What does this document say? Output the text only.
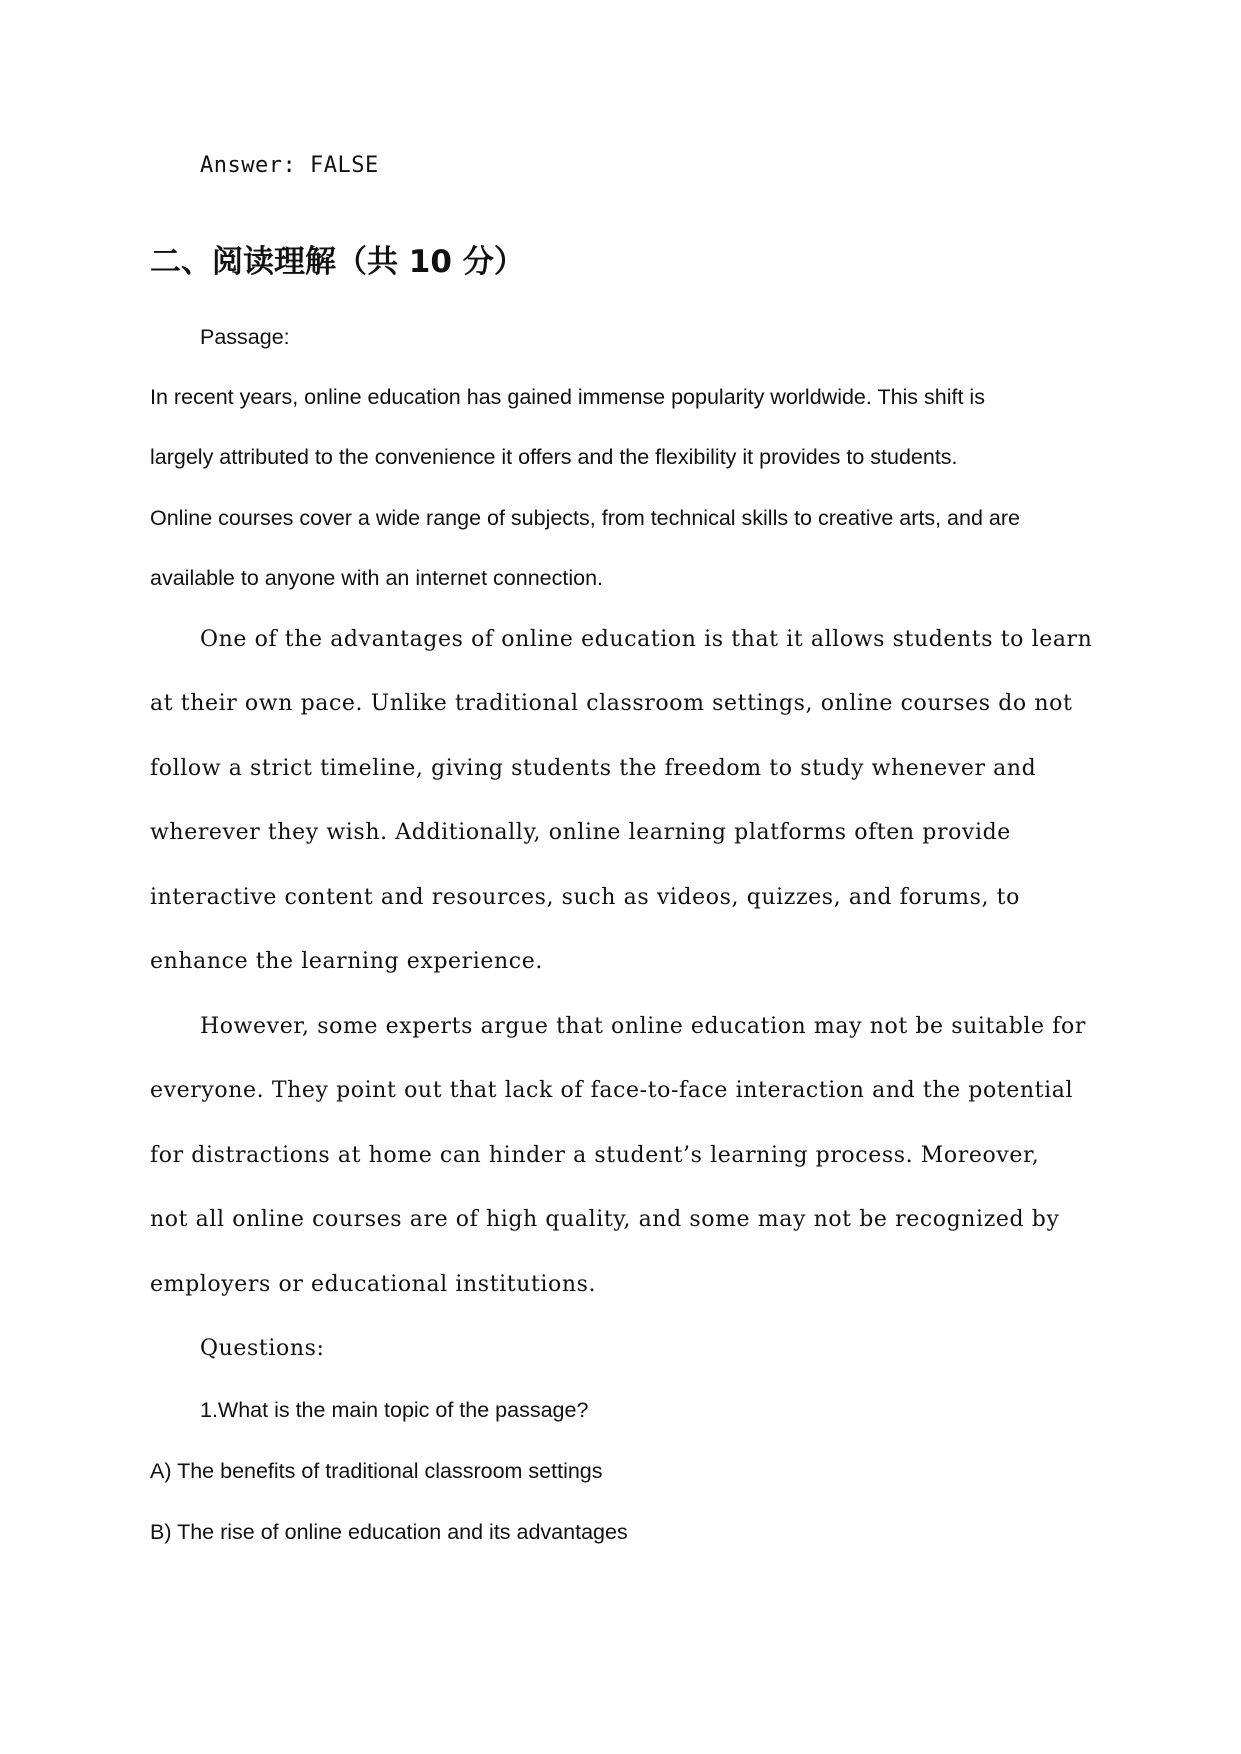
Answer: FALSE
二、阅读理解（共 10 分）
Passage:
In recent years, online education has gained immense popularity worldwide. This shift is
largely attributed to the convenience it offers and the flexibility it provides to students.
Online courses cover a wide range of subjects, from technical skills to creative arts, and are
available to anyone with an internet connection.
One of the advantages of online education is that it allows students to learn
at their own pace. Unlike traditional classroom settings, online courses do not
follow a strict timeline, giving students the freedom to study whenever and
wherever they wish. Additionally, online learning platforms often provide
interactive content and resources, such as videos, quizzes, and forums, to
enhance the learning experience.
However, some experts argue that online education may not be suitable for
everyone. They point out that lack of face-to-face interaction and the potential
for distractions at home can hinder a student’s learning process. Moreover,
not all online courses are of high quality, and some may not be recognized by
employers or educational institutions.
Questions:
1.What is the main topic of the passage?
A) The benefits of traditional classroom settings
B) The rise of online education and its advantages
